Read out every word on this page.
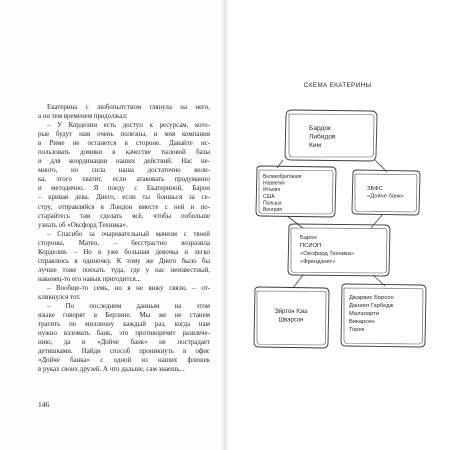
Екатерина с любопытством глянула на него,
а он тем временем продолжал:
– У Корделии есть доступ к ресурсам, кото-
рые будут нам очень полезны, и моя компания
в Риме не останется в стороне. Давайте ис-
пользовать домики в качестве тыловой базы
и для координации наших действий. Нас не-
много, но сила наша достаточно вели-
ка, этого хватит, если атаковать продуманно
и методично. Я поеду с Екатериной, Барон
– кривая дева. Диего, если ты боишься за се-
стру, отправляйся в Лондон вместе с ней и по-
старайтесь там сделать всё, чтобы побольше
узнать об «Оксфорд Техника».
– Спасибо за очаровательный мачизм с твоей
стороны, Матео, – бесстрастно возразила
Корделия. – Но я уже большая девочка и легко
справлюсь в одиночку. К тому же Диего было бы
лучше тоже поехать туда, где у нас неизвестный,
наконец-то его навык пригодится...
– Вообще-то семь, но я не вижу связи, – от-
кликнулся тот.
– По последним данным на этом
языке говорят в Берлине. Мы же не станем
тратить по миллиону каждый раз, когда нам
нужно взломать банк, это противоречит развлече-
нию, да и «Дойче банк» не пострадает
детишками. Найди способ проникнуть в офис
«Дойче банка» с одной из наших флешек
в руках своих друзей. А что дальше, сам знаешь...
146
СХЕМА ЕКАТЕРИНЫ
Бардок Либидов Ким
Великобритания Норвегия Италия США Польша Венгрия
ЗБФС «Дойче банк»
Барон ПСИОП «Оксфорд Техника» «Френдзнет»
Эйртон Кэш Шварсон
Джарвис Борсон Даниел Гарбедж Малапарти Викарсен Торек
